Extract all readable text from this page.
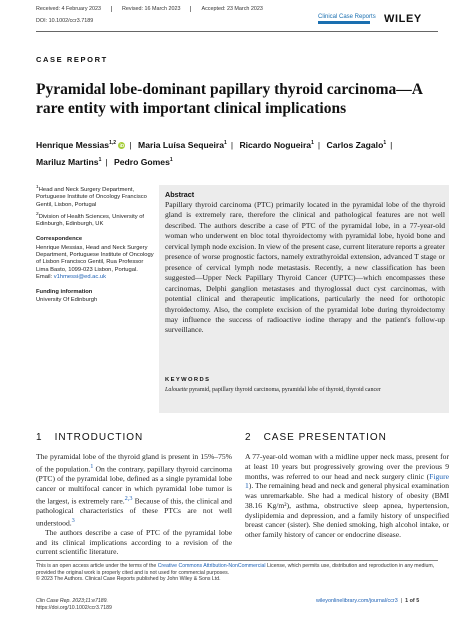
Received: 4 February 2023	Revised: 16 March 2023	Accepted: 23 March 2023
DOI: 10.1002/ccr3.7189
Clinical Case Reports WILEY
CASE REPORT
Pyramidal lobe-dominant papillary thyroid carcinoma—A rare entity with important clinical implications
Henrique Messias$^{1,2}$ iD | Maria Luísa Sequeira$^1$ | Ricardo Nogueira$^1$ | Carlos Zagalo$^1$ |
Mariluz Martins$^1$ | Pedro Gomes$^1$

$^1$Head and Neck Surgery Department, Portuguese Institute of Oncology Francisco Gentil, Lisbon, Portugal

$^2$Division of Health Sciences, University of Edinburgh, Edinburgh, UK

Correspondence

Henrique Messias, Head and Neck Surgery Department, Portuguese Institute of Oncology of Lisbon Francisco Gentil, Rua Professor Lima Basto, 1099-023 Lisbon, Portugal.
Email: v1hmessi@ed.ac.uk

Funding information

University Of Edinburgh

Abstract
Papillary thyroid carcinoma (PTC) primarily located in the pyramidal lobe of the thyroid gland is extremely rare, therefore the clinical and pathological features are not well described. The authors describe a case of PTC of the pyramidal lobe, in a 77-year-old woman who underwent en bloc total thyroidectomy with pyramidal lobe, hyoid bone and cervical lymph node excision. In view of the present case, current literature reports a greater presence of worse prognostic factors, namely extrathyroidal extension, advanced T stage or presence of cervical lymph node metastasis. Recently, a new classification has been suggested—Upper Neck Papillary Thyroid Cancer (UPTC)—which encompasses these carcinomas, Delphi ganglion metastases and thyroglossal duct cyst carcinomas, with potential clinical and therapeutic implications, particularly the need for orthotopic thyroidectomy. Also, the complete excision of the pyramidal lobe during thyroidectomy may influence the success of radioactive iodine therapy and the patient's follow-up surveillance.
KEYWORDS
Lalouette pyramid, papillary thyroid carcinoma, pyramidal lobe of thyroid, thyroid cancer
1 INTRODUCTION

The pyramidal lobe of the thyroid gland is present in 15%–75% of the population.$^1$ On the contrary, papillary thyroid carcinoma (PTC) of the pyramidal lobe, defined as a single pyramidal lobe cancer or multifocal cancer in which pyramidal lobe tumor is the largest, is extremely rare.$^{2,3}$ Because of this, the clinical and pathological characteristics of these PTCs are not well understood.$^3$

The authors describe a case of PTC of the pyramidal lobe and its clinical implications according to a revision of the current scientific literature.

2 CASE PRESENTATION

A 77-year-old woman with a midline upper neck mass, present for at least 10 years but progressively growing over the previous 9 months, was referred to our head and neck surgery clinic (Figure 1). The remaining head and neck and general physical examination was unremarkable. She had a medical history of obesity (BMI 38.16 Kg/m²), asthma, obstructive sleep apnea, hypertension, dyslipidemia and depression, and a family history of unspecified breast cancer (sister). She denied smoking, high alcohol intake, or other family history of cancer or endocrine disease.

This is an open access article under the terms of the Creative Commons Attribution-NonCommercial License, which permits use, distribution and reproduction in any medium, provided the original work is properly cited and is not used for commercial purposes.
© 2023 The Authors. Clinical Case Reports published by John Wiley & Sons Ltd.
Clin Case Rep. 2023;11:e7189.
https://doi.org/10.1002/ccr3.7189
wileyonlinelibrary.com/journal/ccr3  |  1 of 5
